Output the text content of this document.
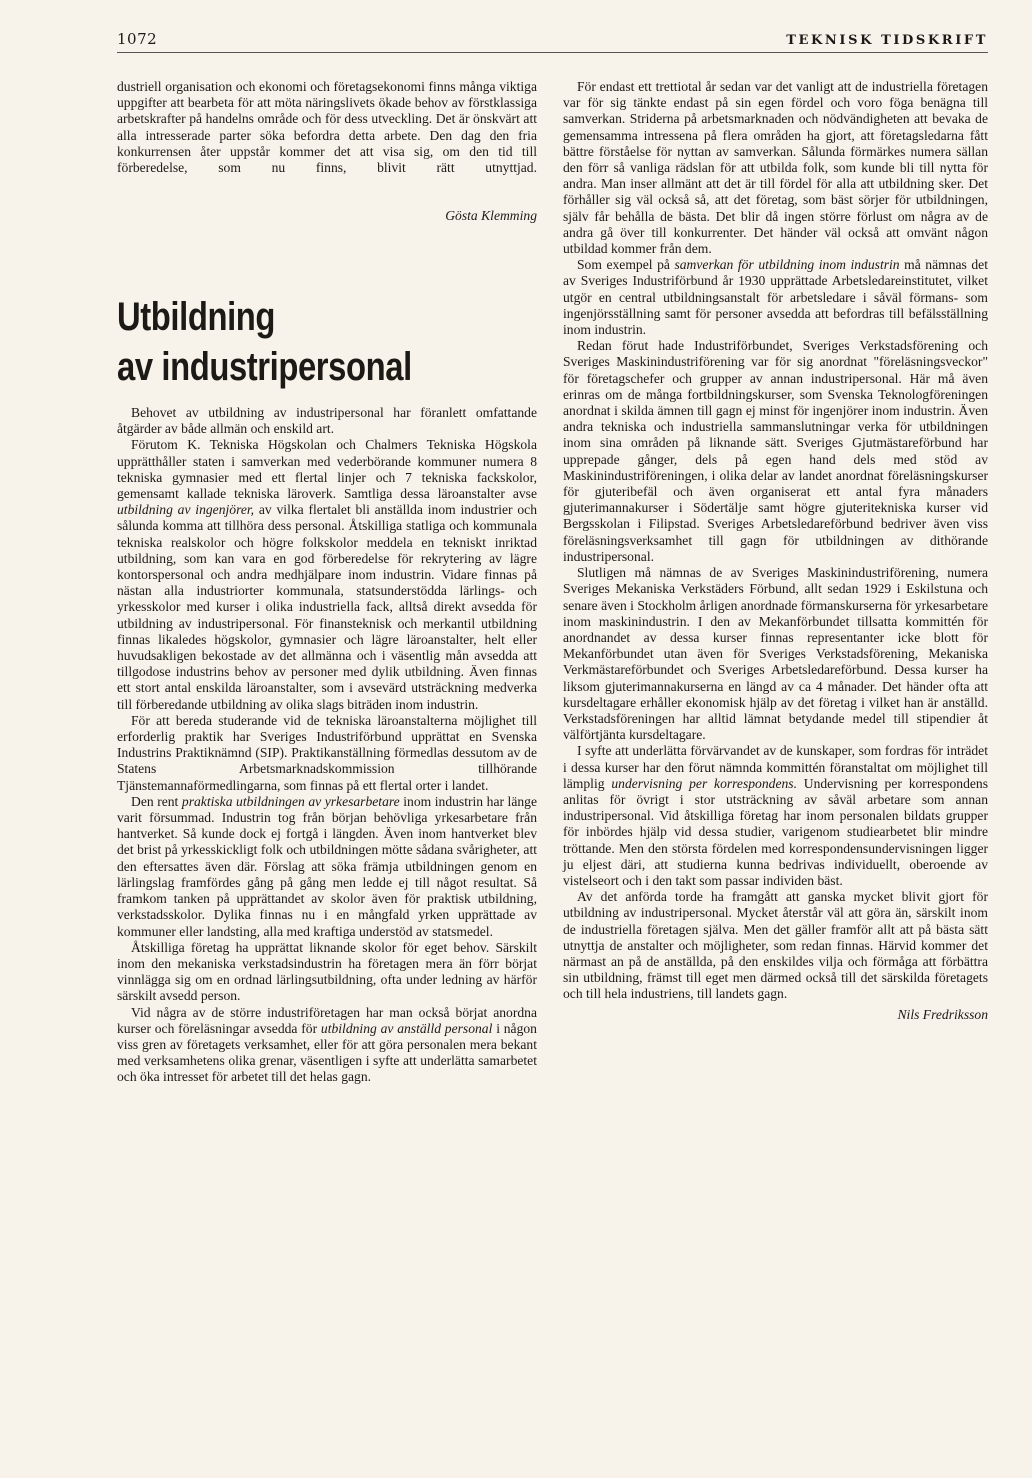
1072	TEKNISK TIDSKRIFT

dustriell organisation och ekonomi och företagsekonomi finns många viktiga uppgifter att bearbeta för att möta näringslivets ökade behov av förstklassiga arbetskrafter på handelns område och för dess utveckling. Det är önskvärt att alla intresserade parter söka befordra detta arbete. Den dag den fria konkurrensen åter uppstår kommer det att visa sig, om den tid till förberedelse, som nu finns, blivit rätt utnyttjad.

Gösta Klemming
Utbildning
av industripersonal

Behovet av utbildning av industripersonal har föranlett omfattande åtgärder av både allmän och enskild art.

Förutom K. Tekniska Högskolan och Chalmers Tekniska Högskola upprätthåller staten i samverkan med vederbörande kommuner numera 8 tekniska gymnasier med ett flertal linjer och 7 tekniska fackskolor, gemensamt kallade tekniska läroverk. Samtliga dessa läroanstalter avse utbildning av ingenjörer, av vilka flertalet bli anställda inom industrier och sålunda komma att tillhöra dess personal. Åtskilliga statliga och kommunala tekniska realskolor och högre folkskolor meddela en tekniskt inriktad utbildning, som kan vara en god förberedelse för rekrytering av lägre kontorspersonal och andra medhjälpare inom industrin. Vidare finnas på nästan alla industriorter kommunala, statsunderstödda lärlings- och yrkesskolor med kurser i olika industriella fack, alltså direkt avsedda för utbildning av industripersonal. För finansteknisk och merkantil utbildning finnas likaledes högskolor, gymnasier och lägre läroanstalter, helt eller huvudsakligen bekostade av det allmänna och i väsentlig mån avsedda att tillgodose industrins behov av personer med dylik utbildning. Även finnas ett stort antal enskilda läroanstalter, som i avsevärd utsträckning medverka till förberedande utbildning av olika slags biträden inom industrin.

För att bereda studerande vid de tekniska läroanstalterna möjlighet till erforderlig praktik har Sveriges Industriförbund upprättat en Svenska Industrins Praktiknämnd (SIP). Praktikanställning förmedlas dessutom av de Statens Arbetsmarknadskommission tillhörande Tjänstemannaförmedlingarna, som finnas på ett flertal orter i landet.

Den rent praktiska utbildningen av yrkesarbetare inom industrin har länge varit försummad. Industrin tog från början behövliga yrkesarbetare från hantverket. Så kunde dock ej fortgå i längden. Även inom hantverket blev det brist på yrkesskickligt folk och utbildningen mötte sådana svårigheter, att den eftersattes även där. Förslag att söka främja utbildningen genom en lärlingslag framfördes gång på gång men ledde ej till något resultat. Så framkom tanken på upprättandet av skolor även för praktisk utbildning, verkstadsskolor. Dylika finnas nu i en mångfald yrken upprättade av kommuner eller landsting, alla med kraftiga understöd av statsmedel.

Åtskilliga företag ha upprättat liknande skolor för eget behov. Särskilt inom den mekaniska verkstadsindustrin ha företagen mera än förr börjat vinnlägga sig om en ordnad lärlingsutbildning, ofta under ledning av härför särskilt avsedd person.

Vid några av de större industriföretagen har man också börjat anordna kurser och föreläsningar avsedda för utbildning av anställd personal i någon viss gren av företagets verksamhet, eller för att göra personalen mera bekant med verksamhetens olika grenar, väsentligen i syfte att underlätta samarbetet och öka intresset för arbetet till det helas gagn.

För endast ett trettiotal år sedan var det vanligt att de industriella företagen var för sig tänkte endast på sin egen fördel och voro föga benägna till samverkan. Striderna på arbetsmarknaden och nödvändigheten att bevaka de gemensamma intressena på flera områden ha gjort, att företagsledarna fått bättre förståelse för nyttan av samverkan. Sålunda förmärkes numera sällan den förr så vanliga rädslan för att utbilda folk, som kunde bli till nytta för andra. Man inser allmänt att det är till fördel för alla att utbildning sker. Det förhåller sig väl också så, att det företag, som bäst sörjer för utbildningen, själv får behålla de bästa. Det blir då ingen större förlust om några av de andra gå över till konkurrenter. Det händer väl också att omvänt någon utbildad kommer från dem.

Som exempel på samverkan för utbildning inom industrin må nämnas det av Sveriges Industriförbund år 1930 upprättade Arbetsledareinstitutet, vilket utgör en central utbildningsanstalt för arbetsledare i såväl förmans- som ingenjörsställning samt för personer avsedda att befordras till befälsställning inom industrin.

Redan förut hade Industriförbundet, Sveriges Verkstadsförening och Sveriges Maskinindustriförening var för sig anordnat "föreläsningsveckor" för företagschefer och grupper av annan industripersonal. Här må även erinras om de många fortbildningskurser, som Svenska Teknologföreningen anordnat i skilda ämnen till gagn ej minst för ingenjörer inom industrin. Även andra tekniska och industriella sammanslutningar verka för utbildningen inom sina områden på liknande sätt. Sveriges Gjutmästareförbund har upprepade gånger, dels på egen hand dels med stöd av Maskinindustriföreningen, i olika delar av landet anordnat föreläsningskurser för gjuteribefäl och även organiserat ett antal fyra månaders gjuterimannakurser i Södertälje samt högre gjuteritekniska kurser vid Bergsskolan i Filipstad. Sveriges Arbetsledareförbund bedriver även viss föreläsningsverksamhet till gagn för utbildningen av dithörande industripersonal.

Slutligen må nämnas de av Sveriges Maskinindustriförening, numera Sveriges Mekaniska Verkstäders Förbund, allt sedan 1929 i Eskilstuna och senare även i Stockholm årligen anordnade förmanskurserna för yrkesarbetare inom maskinindustrin. I den av Mekanförbundet tillsatta kommittén för anordnandet av dessa kurser finnas representanter icke blott för Mekanförbundet utan även för Sveriges Verkstadsförening, Mekaniska Verkmästareförbundet och Sveriges Arbetsledareförbund. Dessa kurser ha liksom gjuterimannakurserna en längd av ca 4 månader. Det händer ofta att kursdeltagare erhåller ekonomisk hjälp av det företag i vilket han är anställd. Verkstadsföreningen har alltid lämnat betydande medel till stipendier åt välförtjänta kursdeltagare.

I syfte att underlätta förvärvandet av de kunskaper, som fordras för inträdet i dessa kurser har den förut nämnda kommittén föranstaltat om möjlighet till lämplig undervisning per korrespondens. Undervisning per korrespondens anlitas för övrigt i stor utsträckning av såväl arbetare som annan industripersonal. Vid åtskilliga företag har inom personalen bildats grupper för inbördes hjälp vid dessa studier, varigenom studiearbetet blir mindre tröttande. Men den största fördelen med korrespondensundervisningen ligger ju eljest däri, att studierna kunna bedrivas individuellt, oberoende av vistelseort och i den takt som passar individen bäst.

Av det anförda torde ha framgått att ganska mycket blivit gjort för utbildning av industripersonal. Mycket återstår väl att göra än, särskilt inom de industriella företagen själva. Men det gäller framför allt att på bästa sätt utnyttja de anstalter och möjligheter, som redan finnas. Härvid kommer det närmast an på de anställda, på den enskildes vilja och förmåga att förbättra sin utbildning, främst till eget men därmed också till det särskilda företagets och till hela industriens, till landets gagn.

Nils Fredriksson
